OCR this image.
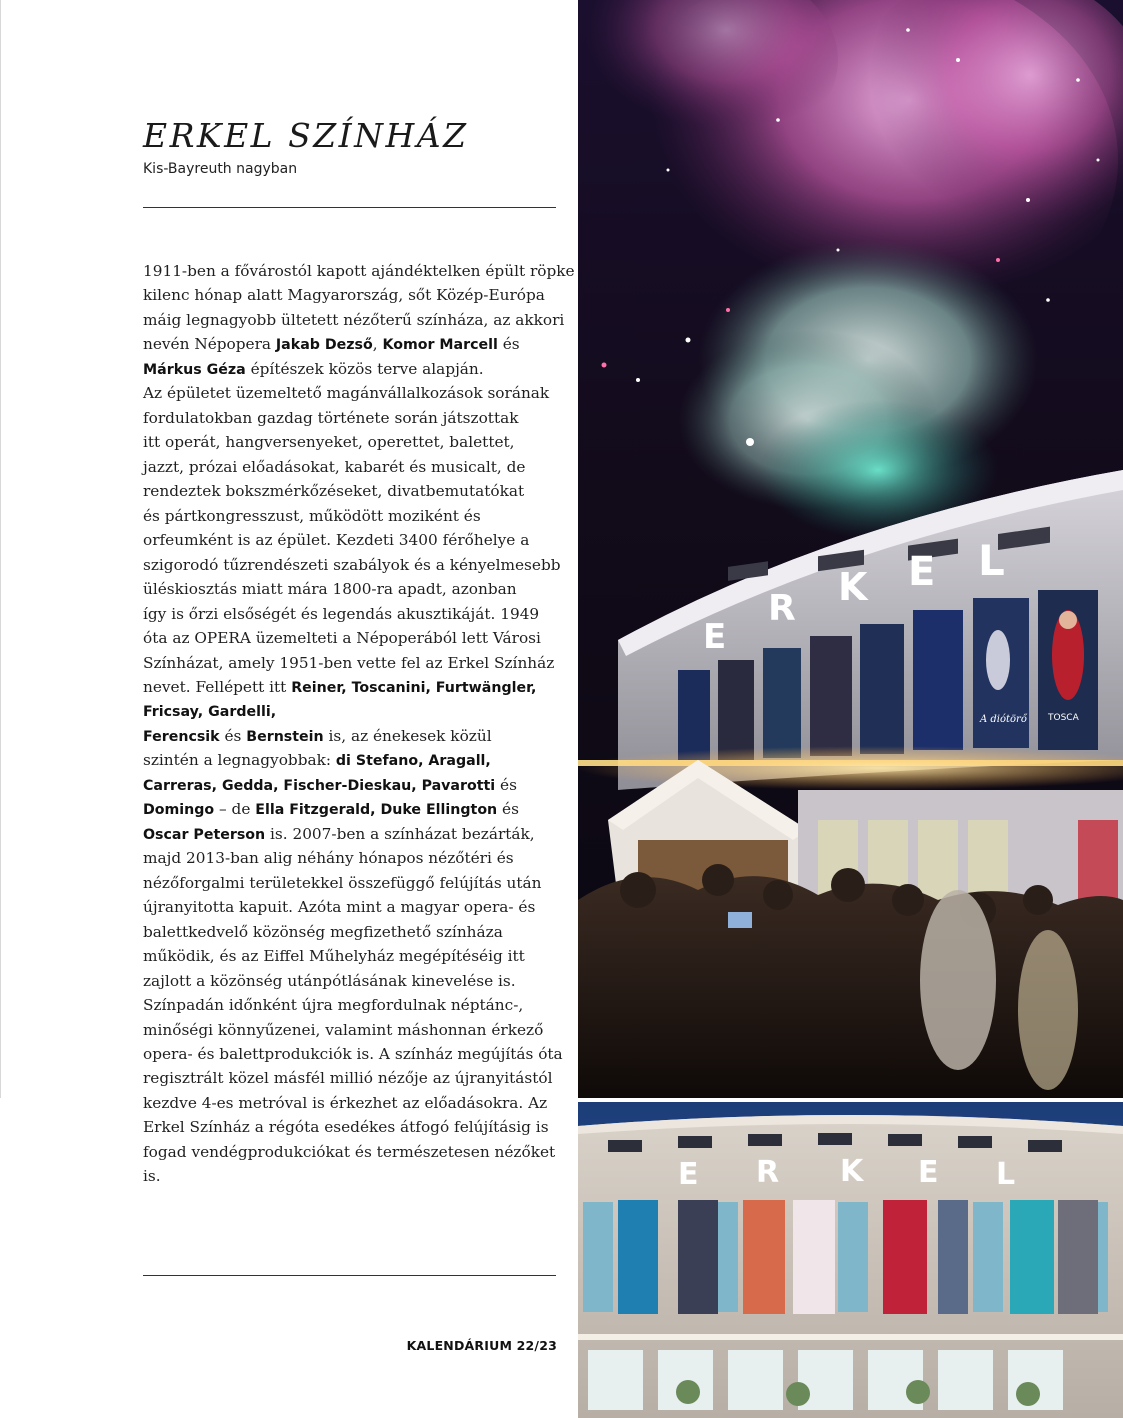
ERKEL SZÍNHÁZ
Kis-Bayreuth nagyban
1911-ben a fővárostól kapott ajándéktelken épült röpke
kilenc hónap alatt Magyarország, sőt Közép-Európa
máig legnagyobb ültetett nézőterű színháza, az akkori
nevén Népopera Jakab Dezső, Komor Marcell és
Márkus Géza építészek közös terve alapján.
Az épületet üzemeltető magánvállalkozások sorának
fordulatokban gazdag története során játszottak
itt operát, hangversenyeket, operettet, balettet,
jazzt, prózai előadásokat, kabarét és musicalt, de
rendeztek bokszmérkőzéseket, divatbemutatókat
és pártkongresszust, működött moziként és
orfeumként is az épület. Kezdeti 3400 férőhelye a
szigorodó tűzrendészeti szabályok és a kényelmesebb
üléskiosztás miatt mára 1800-ra apadt, azonban
így is őrzi elsőségét és legendás akusztikáját. 1949
óta az OPERA üzemelteti a Népoperából lett Városi
Színházat, amely 1951-ben vette fel az Erkel Színház
nevet. Fellépett itt Reiner, Toscanini, Furtwängler,
Fricsay, Gardelli,
Ferencsik és Bernstein is, az énekesek közül
szintén a legnagyobbak: di Stefano, Aragall,
Carreras, Gedda, Fischer-Dieskau, Pavarotti és
Domingo – de Ella Fitzgerald, Duke Ellington és
Oscar Peterson is. 2007-ben a színházat bezárták,
majd 2013-ban alig néhány hónapos nézőtéri és
nézőforgalmi területekkel összefüggő felújítás után
újranyitotta kapuit. Azóta mint a magyar opera- és
balettkedvelő közönség megfizethető színháza
működik, és az Eiffel Műhelyház megépítéséig itt
zajlott a közönség utánpótlásának kinevelése is.
Színpadán időnként újra megfordulnak néptánc-,
minőségi könnyűzenei, valamint máshonnan érkező
opera- és balettprodukciók is. A színház megújítás óta
regisztrált közel másfél millió nézője az újranyitástól
kezdve 4-es metróval is érkezhet az előadásokra. Az
Erkel Színház a régóta esedékes átfogó felújításig is
fogad vendégprodukciókat és természetesen nézőket
is.
KALENDÁRIUM 22/23
E
R K E L
A diótörő TOSCA
E R K E L
